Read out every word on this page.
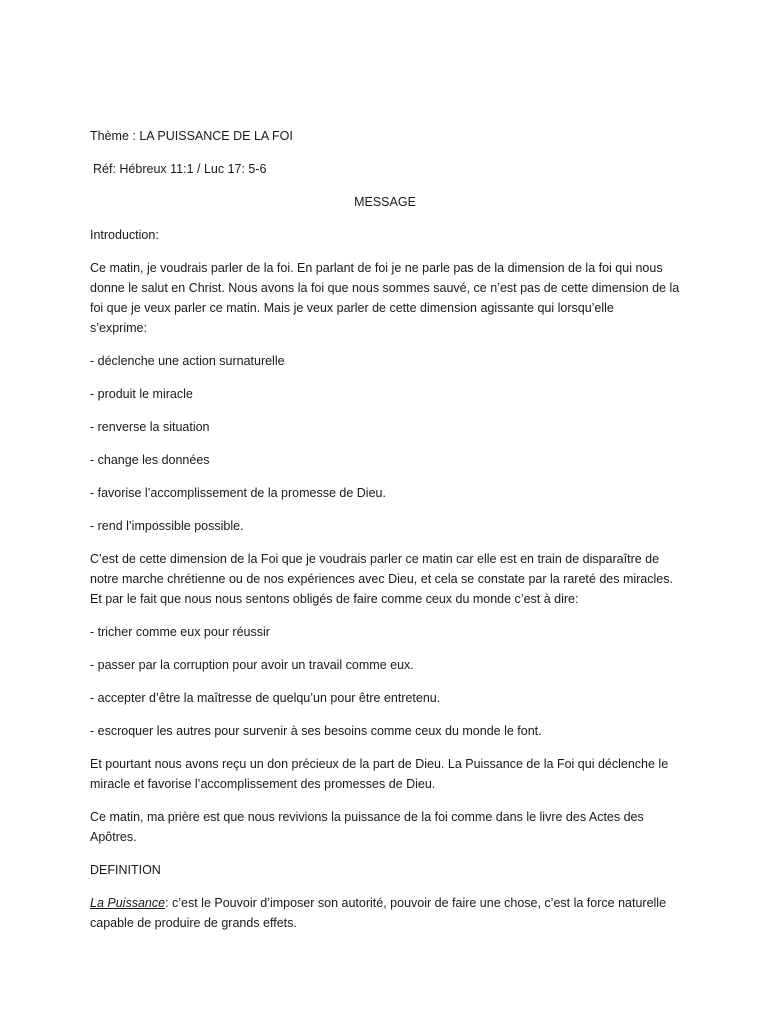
Thème : LA PUISSANCE DE LA FOI

Réf: Hébreux 11:1 / Luc 17: 5-6

MESSAGE

Introduction:

Ce matin, je voudrais parler de la foi. En parlant de foi je ne parle pas de la dimension de la foi qui nous
donne le salut en Christ. Nous avons la foi que nous sommes sauvé, ce n’est pas de cette dimension de la
foi que je veux parler ce matin. Mais je veux parler de cette dimension agissante qui lorsqu’elle
s’exprime:

- déclenche une action surnaturelle

- produit le miracle

- renverse la situation

- change les données

- favorise l’accomplissement de la promesse de Dieu.

- rend l’impossible possible.

C’est de cette dimension de la Foi que je voudrais parler ce matin car elle est en train de disparaître de
notre marche chrétienne ou de nos expériences avec Dieu, et cela se constate par la rareté des miracles.
Et par le fait que nous nous sentons obligés de faire comme ceux du monde c’est à dire:

- tricher comme eux pour réussir

- passer par la corruption pour avoir un travail comme eux.

- accepter d’être la maîtresse de quelqu’un pour être entretenu.

- escroquer les autres pour survenir à ses besoins comme ceux du monde le font.

Et pourtant nous avons reçu un don précieux de la part de Dieu. La Puissance de la Foi qui déclenche le
miracle et favorise l’accomplissement des promesses de Dieu.
Ce matin, ma prière est que nous revivions la puissance de la foi comme dans le livre des Actes des
Apôtres.

DEFINITION

La Puissance: c’est le Pouvoir d’imposer son autorité, pouvoir de faire une chose, c’est la force naturelle
capable de produire de grands effets.
